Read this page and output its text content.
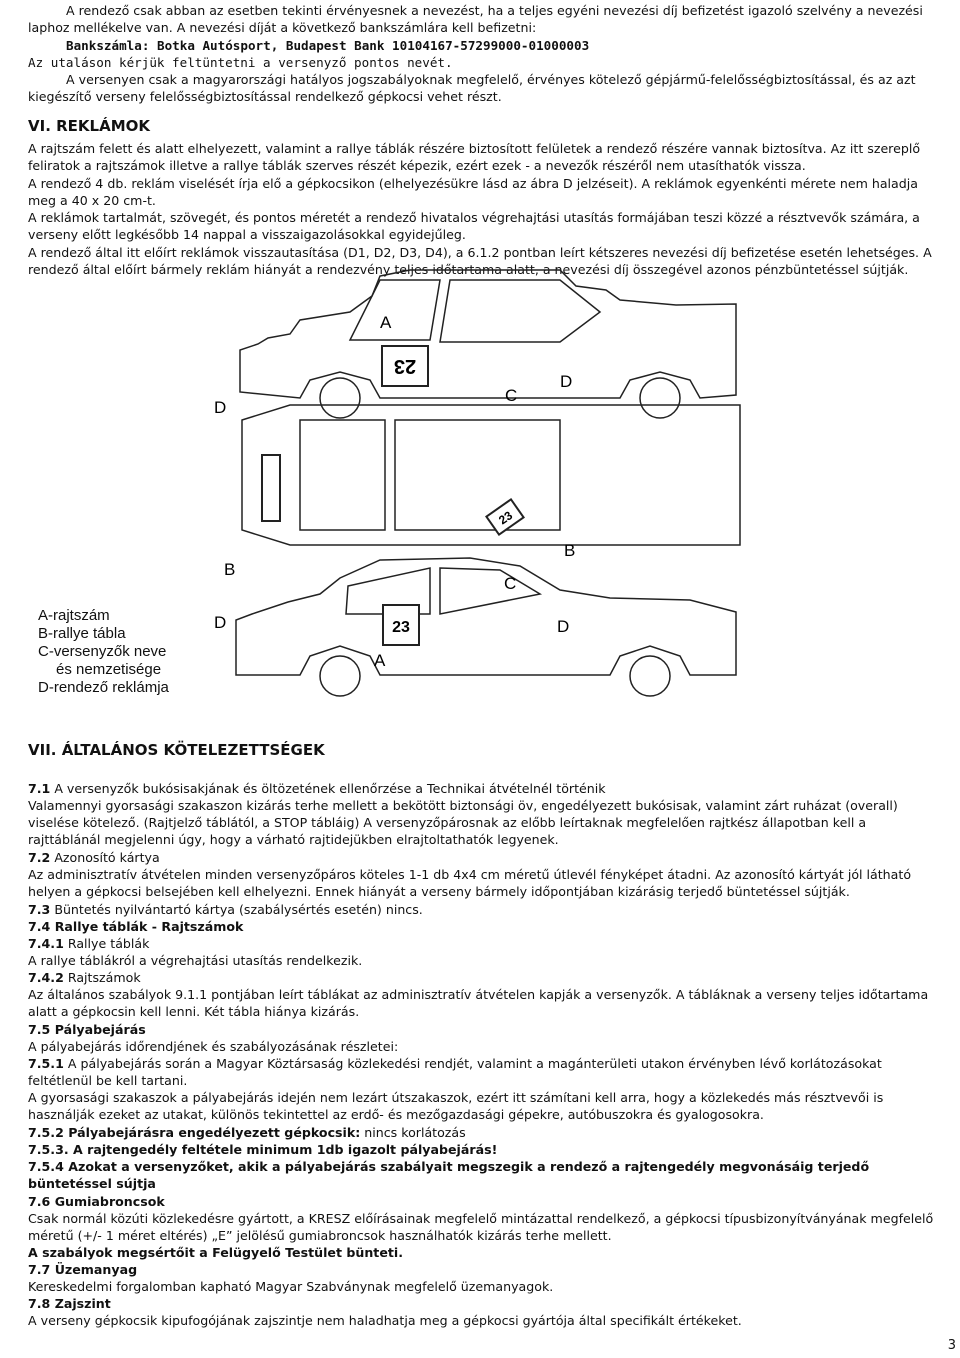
A rendező csak abban az esetben tekinti érvényesnek a nevezést, ha a teljes egyéni nevezési díj befizetést igazoló szelvény a nevezési laphoz mellékelve van. A nevezési díját a következő bankszámlára kell befizetni:

Bankszámla: Botka Autósport, Budapest Bank 10104167-57299000-01000003

Az utaláson kérjük feltüntetni a versenyző pontos nevét.

A versenyen csak a magyarországi hatályos jogszabályoknak megfelelő, érvényes kötelező gépjármű-felelősségbiztosítással, és az azt kiegészítő verseny felelősségbiztosítással rendelkező gépkocsi vehet részt.

VI. REKLÁMOK

A rajtszám felett és alatt elhelyezett, valamint a rallye táblák részére biztosított felületek a rendező részére vannak biztosítva. Az itt szereplő feliratok a rajtszámok illetve a rallye táblák szerves részét képezik, ezért ezek - a nevezők részéről nem utasíthatók vissza.

A rendező 4 db. reklám viselését írja elő a gépkocsikon (elhelyezésükre lásd az ábra D jelzéseit). A reklámok egyenkénti mérete nem haladja meg a 40 x 20 cm-t.

A reklámok tartalmát, szövegét, és pontos méretét a rendező hivatalos végrehajtási utasítás formájában teszi közzé a résztvevők számára, a verseny előtt legkésőbb 14 nappal a visszaigazolásokkal egyidejűleg.

A rendező által itt előírt reklámok visszautasítása (D1, D2, D3, D4), a 6.1.2 pontban leírt kétszeres nevezési díj befizetése esetén lehetséges. A rendező által előírt bármely reklám hiányát a rendezvény teljes időtartama alatt, a nevezési díj összegével azonos pénzbüntetéssel sújtják.

23
23
23
A
D
D
C
B
B
C
D	D
A
A-rajtszám
B-rallye tábla
C-versenyzők neve
és nemzetisége
D-rendező reklámja
VII. ÁLTALÁNOS KÖTELEZETTSÉGEK

7.1 A versenyzők bukósisakjának és öltözetének ellenőrzése a Technikai átvételnél történik

Valamennyi gyorsasági szakaszon kizárás terhe mellett a bekötött biztonsági öv, engedélyezett bukósisak, valamint zárt ruházat (overall) viselése kötelező. (Rajtjelző táblától, a STOP tábláig) A versenyzőpárosnak az előbb leírtaknak megfelelően rajtkész állapotban kell a rajttáblánál megjelenni úgy, hogy a várható rajtidejükben elrajtoltathatók legyenek.

7.2 Azonosító kártya

Az adminisztratív átvételen minden versenyzőpáros köteles 1-1 db 4x4 cm méretű útlevél fényképet átadni. Az azonosító kártyát jól látható helyen a gépkocsi belsejében kell elhelyezni. Ennek hiányát a verseny bármely időpontjában kizárásig terjedő büntetéssel sújtják.

7.3 Büntetés nyilvántartó kártya (szabálysértés esetén) nincs.

7.4 Rallye táblák - Rajtszámok

7.4.1 Rallye táblák

A rallye táblákról a végrehajtási utasítás rendelkezik.

7.4.2 Rajtszámok

Az általános szabályok 9.1.1 pontjában leírt táblákat az adminisztratív átvételen kapják a versenyzők. A tábláknak a verseny teljes időtartama alatt a gépkocsin kell lenni. Két tábla hiánya kizárás.

7.5 Pályabejárás

A pályabejárás időrendjének és szabályozásának részletei:

7.5.1 A pályabejárás során a Magyar Köztársaság közlekedési rendjét, valamint a magánterületi utakon érvényben lévő korlátozásokat feltétlenül be kell tartani.

A gyorsasági szakaszok a pályabejárás idején nem lezárt útszakaszok, ezért itt számítani kell arra, hogy a közlekedés más résztvevői is használják ezeket az utakat, különös tekintettel az erdő- és mezőgazdasági gépekre, autóbuszokra és gyalogosokra.

7.5.2 Pályabejárásra engedélyezett gépkocsik: nincs korlátozás

7.5.3. A rajtengedély feltétele minimum 1db igazolt pályabejárás!

7.5.4 Azokat a versenyzőket, akik a pályabejárás szabályait megszegik a rendező a rajtengedély megvonásáig terjedő büntetéssel sújtja

7.6 Gumiabroncsok

Csak normál közúti közlekedésre gyártott, a KRESZ előírásainak megfelelő mintázattal rendelkező, a gépkocsi típusbizonyítványának megfelelő méretű (+/- 1 méret eltérés) „E” jelölésű gumiabroncsok használhatók kizárás terhe mellett.

A szabályok megsértőit a Felügyelő Testület bünteti.

7.7 Üzemanyag

Kereskedelmi forgalomban kapható Magyar Szabványnak megfelelő üzemanyagok.

7.8 Zajszint

A verseny gépkocsik kipufogójának zajszintje nem haladhatja meg a gépkocsi gyártója által specifikált értékeket.

3
